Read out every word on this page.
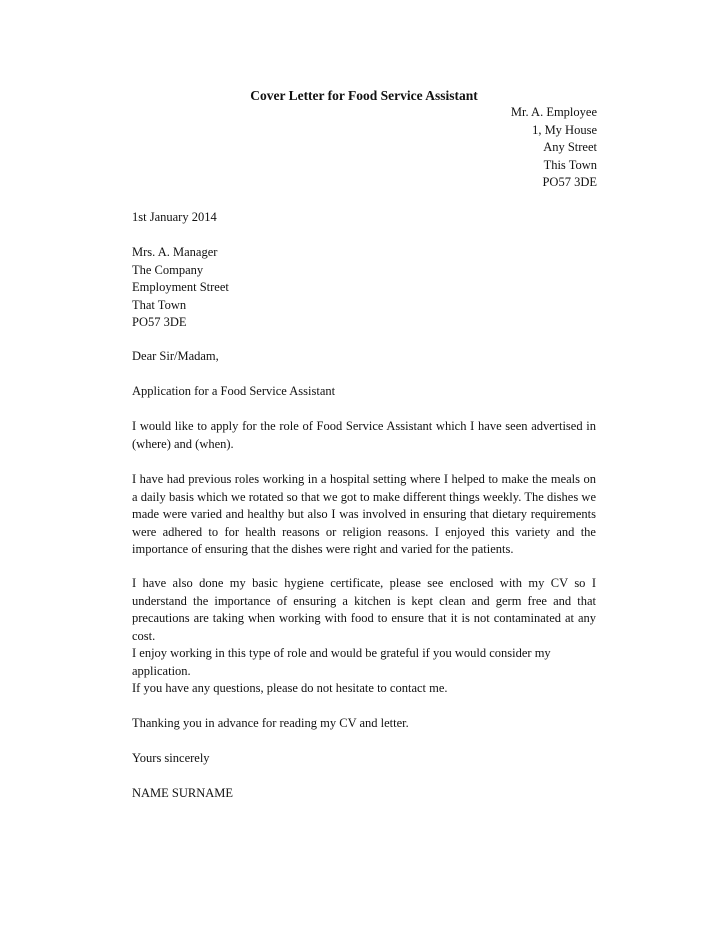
Cover Letter for Food Service Assistant
Mr. A. Employee
1, My House
Any Street
This Town
PO57 3DE
1st January 2014
Mrs. A. Manager
The Company
Employment Street
That Town
PO57 3DE
Dear Sir/Madam,
Application for a Food Service Assistant
I would like to apply for the role of Food Service Assistant which I have seen advertised in (where) and (when).
I have had previous roles working in a hospital setting where I helped to make the meals on a daily basis which we rotated so that we got to make different things weekly. The dishes we made were varied and healthy but also I was involved in ensuring that dietary requirements were adhered to for health reasons or religion reasons. I enjoyed this variety and the importance of ensuring that the dishes were right and varied for the patients.
I have also done my basic hygiene certificate, please see enclosed with my CV so I understand the importance of ensuring a kitchen is kept clean and germ free and that precautions are taking when working with food to ensure that it is not contaminated at any cost.
I enjoy working in this type of role and would be grateful if you would consider my application.
If you have any questions, please do not hesitate to contact me.
Thanking you in advance for reading my CV and letter.
Yours sincerely
NAME SURNAME
